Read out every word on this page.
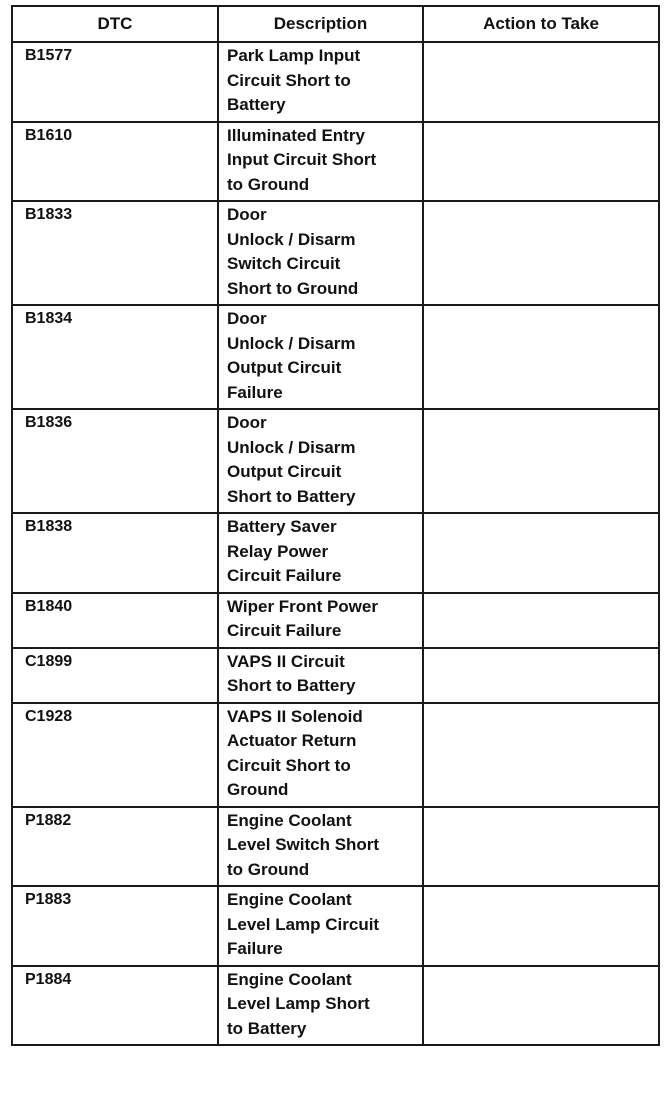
DTC	Description	Action to Take
B1577	Park Lamp Input
Circuit Short to
Battery	

B1610	Illuminated Entry
Input Circuit Short
to Ground	

B1833	Door
Unlock / Disarm
Switch Circuit
Short to Ground	

B1834	Door
Unlock / Disarm
Output Circuit
Failure	

B1836	Door
Unlock / Disarm
Output Circuit
Short to Battery	

B1838	Battery Saver
Relay Power
Circuit Failure	

B1840	Wiper Front Power
Circuit Failure	

C1899	VAPS II Circuit
Short to Battery	

C1928	VAPS II Solenoid
Actuator Return
Circuit Short to
Ground	

P1882	Engine Coolant
Level Switch Short
to Ground	

P1883	Engine Coolant
Level Lamp Circuit
Failure	

P1884	Engine Coolant
Level Lamp Short
to Battery	
